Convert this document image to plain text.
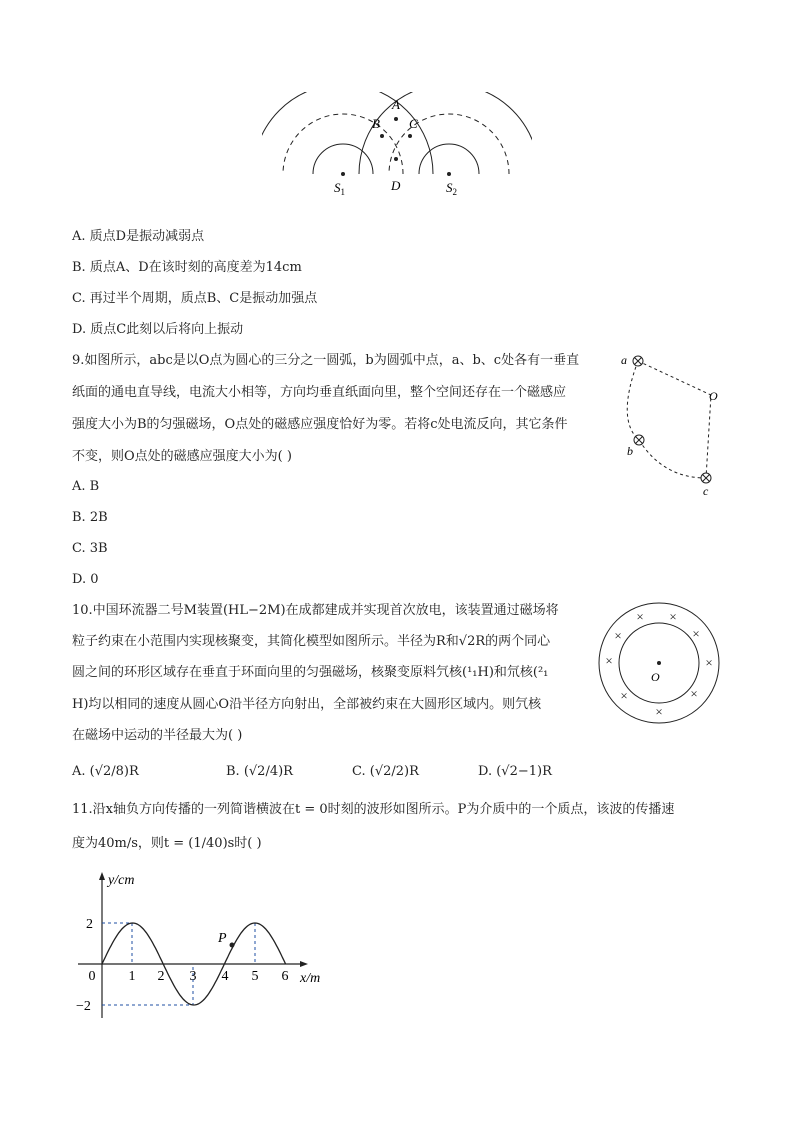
A
B C
D
$S_1$	$S_2$
A. 质点D是振动减弱点
B. 质点A、D在该时刻的高度差为14cm
C. 再过半个周期，质点B、C是振动加强点
D. 质点C此刻以后将向上振动
9.如图所示，abc是以O点为圆心的三分之一圆弧，b为圆弧中点，a、b、c处各有一垂直
纸面的通电直导线，电流大小相等，方向均垂直纸面向里，整个空间还存在一个磁感应
强度大小为B的匀强磁场，O点处的磁感应强度恰好为零。若将c处电流反向，其它条件
不变，则O点处的磁感应强度大小为( )
A. B
B. 2B
C. 3B
D. 0
a
b
c
O
10.中国环流器二号M装置(HL−2M)在成都建成并实现首次放电，该装置通过磁场将
粒子约束在小范围内实现核聚变，其简化模型如图所示。半径为R和√2R的两个同心
圆之间的环形区域存在垂直于环面向里的匀强磁场，核聚变原料氕核(¹₁H)和氘核(²₁
H)均以相同的速度从圆心O沿半径方向射出，全部被约束在大圆形区域内。则氕核
在磁场中运动的半径最大为( )
A. (√2/8)R	B. (√2/4)R	C. (√2/2)R	D. (√2−1)R
O
× ×
×	×
×	×
×	×
×
11.沿x轴负方向传播的一列简谐横波在t = 0时刻的波形如图所示。P为介质中的一个质点，该波的传播速
度为40m/s，则t = (1/40)s时( )
P
y/cm
x/m
2
−2
0 1 2 3 4 5 6
